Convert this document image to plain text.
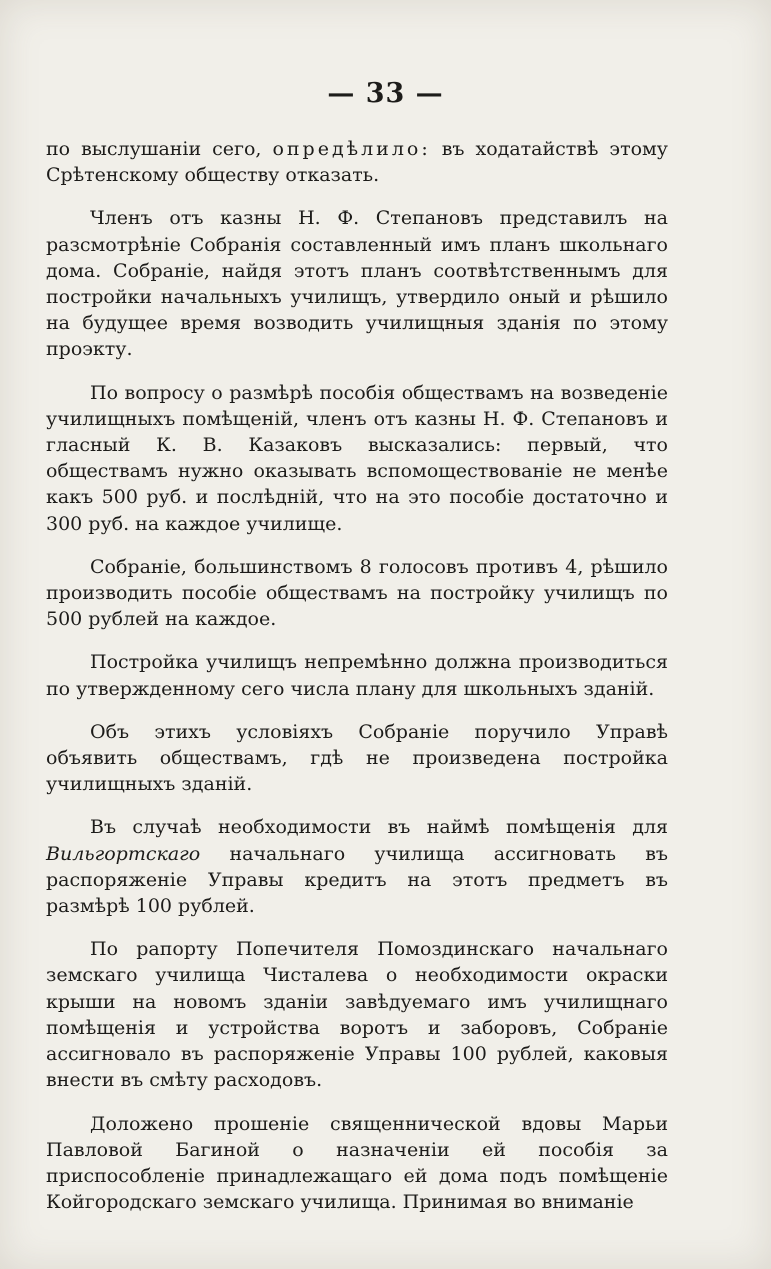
— 33 —

по выслушаніи сего, опредѣлило: въ ходатайствѣ этому Срѣтенскому обществу отказать.

Членъ отъ казны Н. Ф. Степановъ представилъ на разсмотрѣніе Собранія составленный имъ планъ школьнаго дома. Собраніе, найдя этотъ планъ соотвѣтственнымъ для постройки начальныхъ училищъ, утвердило оный и рѣшило на будущее время возводить училищныя зданія по этому проэкту.

По вопросу о размѣрѣ пособія обществамъ на возведеніе училищныхъ помѣщеній, членъ отъ казны Н. Ф. Степановъ и гласный К. В. Казаковъ высказались: первый, что обществамъ нужно оказывать вспомоществованіе не менѣе какъ 500 руб. и послѣдній, что на это пособіе достаточно и 300 руб. на каждое училище.

Собраніе, большинствомъ 8 голосовъ противъ 4, рѣшило производить пособіе обществамъ на постройку училищъ по 500 рублей на каждое.

Постройка училищъ непремѣнно должна производиться по утвержденному сего числа плану для школьныхъ зданій.

Объ этихъ условіяхъ Собраніе поручило Управѣ объявить обществамъ, гдѣ не произведена постройка училищныхъ зданій.

Въ случаѣ необходимости въ наймѣ помѣщенія для Вильгортскаго начальнаго училища ассигновать въ распоряженіе Управы кредитъ на этотъ предметъ въ размѣрѣ 100 рублей.

По рапорту Попечителя Помоздинскаго начальнаго земскаго училища Чисталева о необходимости окраски крыши на новомъ зданіи завѣдуемаго имъ училищнаго помѣщенія и устройства воротъ и заборовъ, Собраніе ассигновало въ распоряженіе Управы 100 рублей, каковыя внести въ смѣту расходовъ.

Доложено прошеніе священнической вдовы Марьи Павловой Багиной о назначеніи ей пособія за приспособленіе принадлежащаго ей дома подъ помѣщеніе Койгородскаго земскаго училища. Принимая во вниманіе
